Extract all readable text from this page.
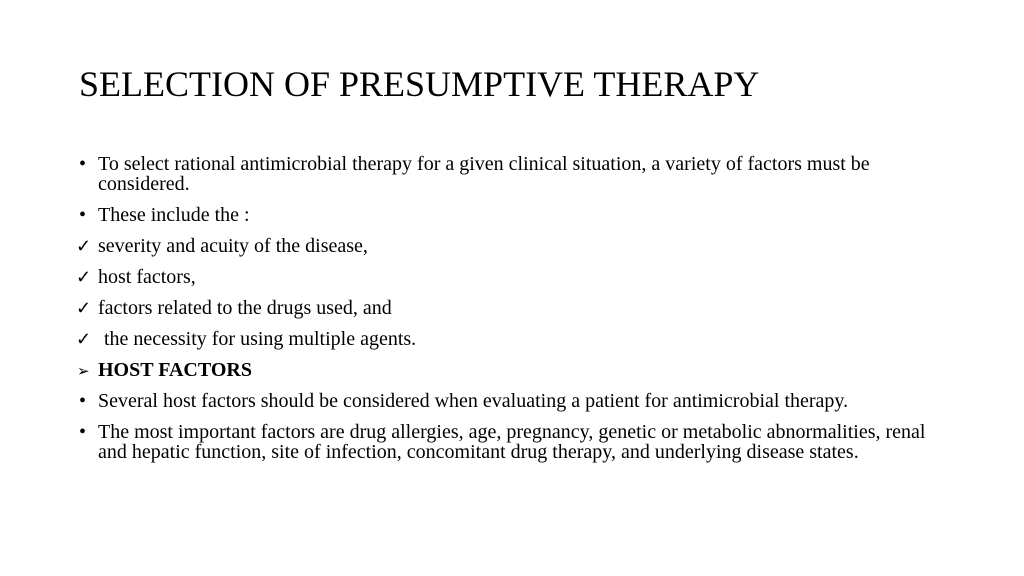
SELECTION OF PRESUMPTIVE THERAPY
• To select rational antimicrobial therapy for a given clinical situation, a variety of factors must be considered.
• These include the :
✓ severity and acuity of the disease,
✓ host factors,
✓ factors related to the drugs used, and
✓ the necessity for using multiple agents.
➢ HOST FACTORS
• Several host factors should be considered when evaluating a patient for antimicrobial therapy.
• The most important factors are drug allergies, age, pregnancy, genetic or metabolic abnormalities, renal and hepatic function, site of infection, concomitant drug therapy, and underlying disease states.
